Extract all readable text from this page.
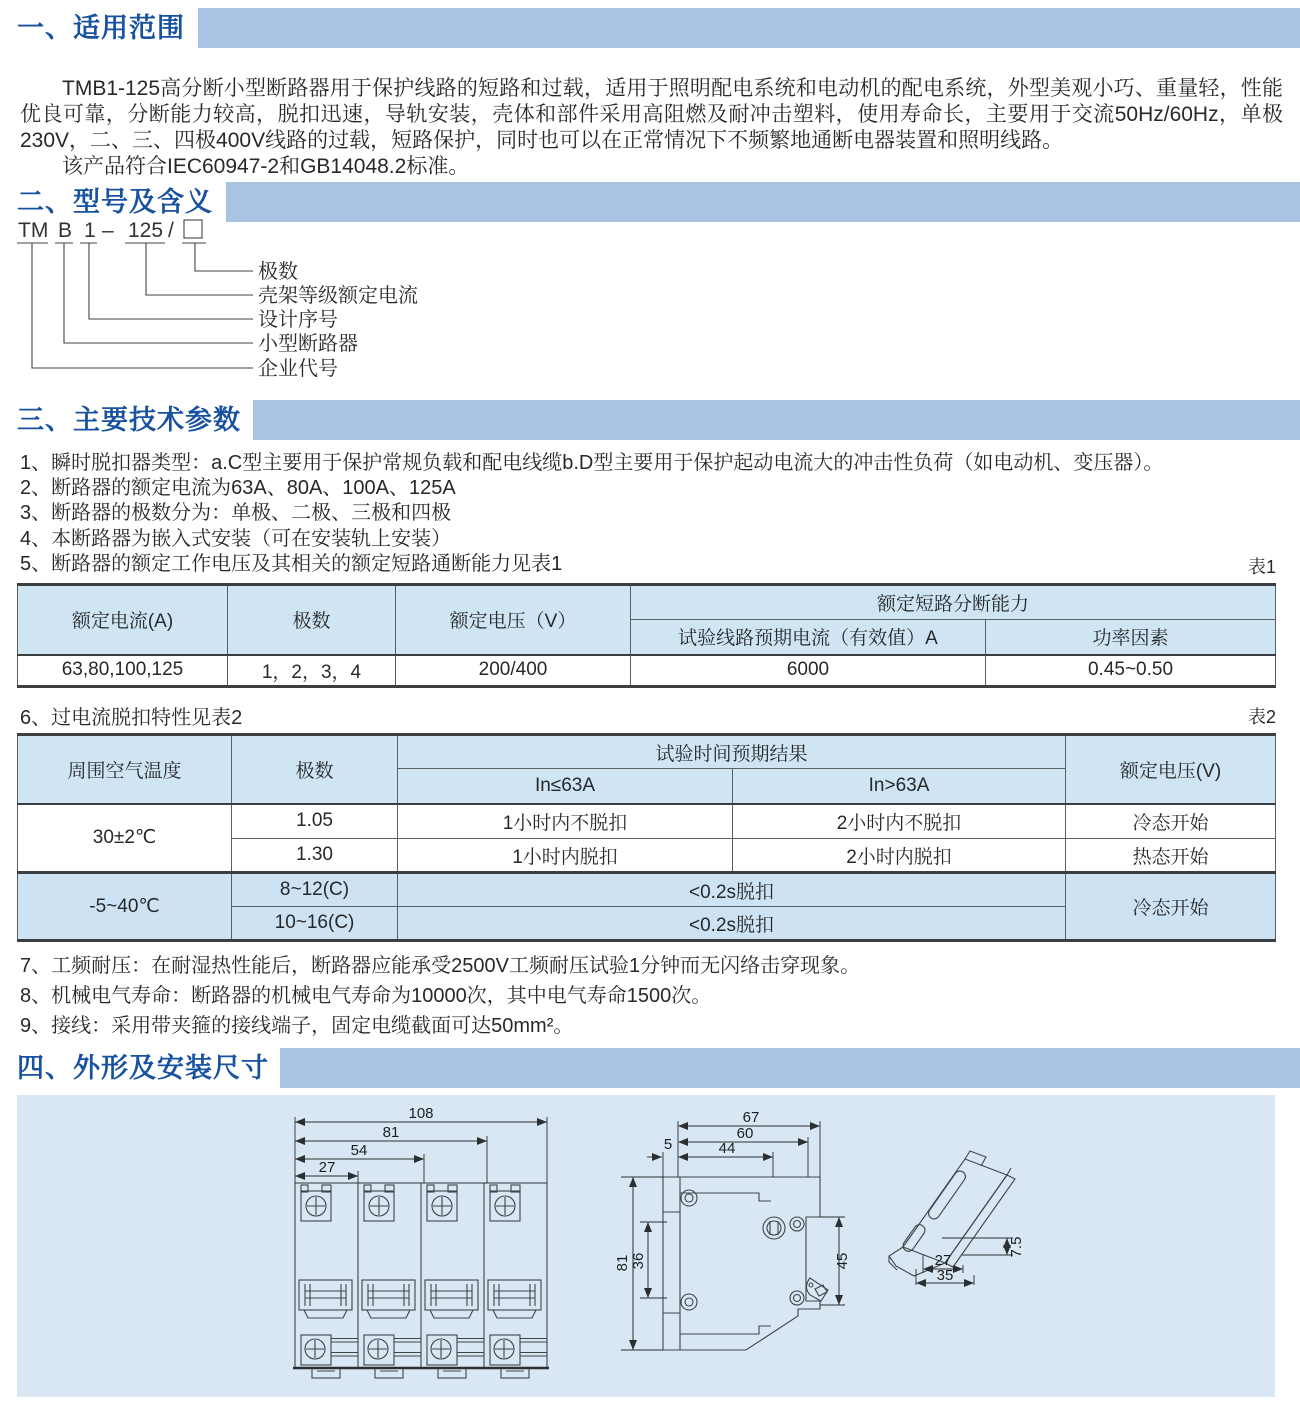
一、适用范围
二、型号及含义
三、主要技术参数
四、外形及安装尺寸

TMB1-125高分断小型断路器用于保护线路的短路和过载，适用于照明配电系统和电动机的配电系统，外型美观小巧、重量轻，性能优良可靠，分断能力较高，脱扣迅速，导轨安装，壳体和部件采用高阻燃及耐冲击塑料，使用寿命长，主要用于交流50Hz/60Hz，单极230V，二、三、四极400V线路的过载，短路保护，同时也可以在正常情况下不频繁地通断电器装置和照明线路。

该产品符合IEC60947-2和GB14048.2标准。

TM B 1 – 125 /
极数
壳架等级额定电流
设计序号
小型断路器
企业代号
1、瞬时脱扣器类型：a.C型主要用于保护常规负载和配电线缆b.D型主要用于保护起动电流大的冲击性负荷（如电动机、变压器）。
2、断路器的额定电流为63A、80A、100A、125A
3、断路器的极数分为：单极、二极、三极和四极
4、本断路器为嵌入式安装（可在安装轨上安装）
5、断路器的额定工作电压及其相关的额定短路通断能力见表1	表1
额定电流(A)	极数	额定电压（V）	额定短路分断能力	
			试验线路预期电流（有效值）A	功率因素
63,80,100,125	1，2，3，4	200/400	6000	0.45~0.50
6、过电流脱扣特性见表2	表2
周围空气温度	极数	试验时间预期结果		额定电压(V)
		In≤63A	In>63A	
30±2℃	1.05	1小时内不脱扣	2小时内不脱扣	冷态开始
	1.30	1小时内脱扣	2小时内脱扣	热态开始
-5~40℃	8~12(C)	<0.2s脱扣		冷态开始
	10~16(C)	<0.2s脱扣		
7、工频耐压：在耐湿热性能后，断路器应能承受2500V工频耐压试验1分钟而无闪络击穿现象。
8、机械电气寿命：断路器的机械电气寿命为10000次，其中电气寿命1500次。
9、接线：采用带夹箍的接线端子，固定电缆截面可达50mm²。
108
81
54
27
67
60
44
5
81 36	45
7.5
27
35
